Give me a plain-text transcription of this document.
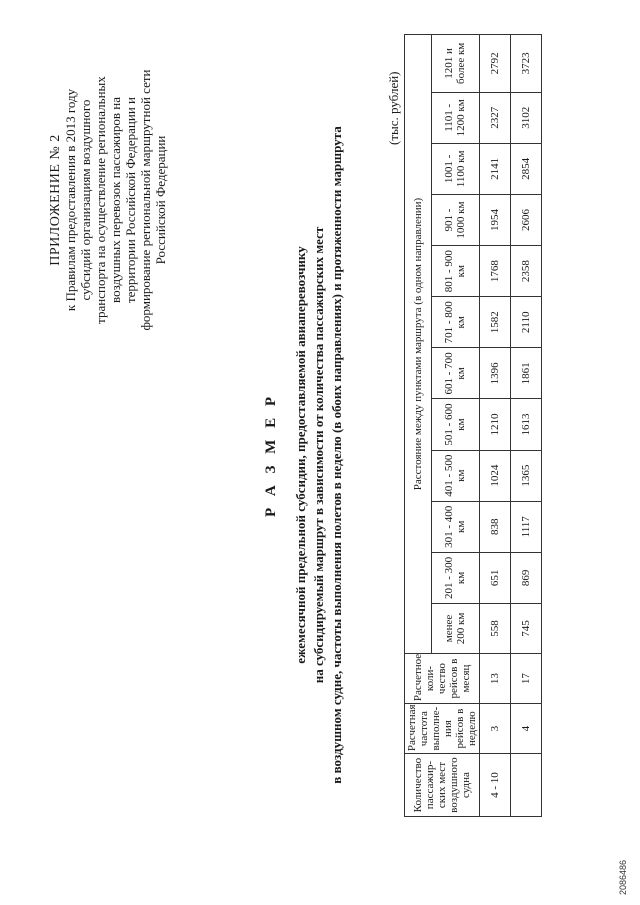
ПРИЛОЖЕНИЕ № 2 к Правилам предоставления в 2013 году субсидий организациям воздушного транспорта на осуществление региональных воздушных перевозок пассажиров на территории Российской Федерации и формирование региональной маршрутной сети Российской Федерации
Р А З М Е Р ежемесячной предельной субсидии, предоставляемой авиаперевозчику на субсидируемый маршрут в зависимости от количества пассажирских мест в воздушном судне, частоты выполнения полетов в неделю (в обоих направлениях) и протяженности маршрута
(тыс. рублей)
Количество пассажир-ских мест воздушного судна	Расчетная частота выполне-ния рейсов в неделю	Расчетное коли-чество рейсов в месяц	Расстояние между пунктами маршрута (в одном направлении)											
			менее 200 км	201 - 300 км	301 - 400 км	401 - 500 км	501 - 600 км	601 - 700 км	701 - 800 км	801 - 900 км	901 - 1000 км	1001 - 1100 км	1101 - 1200 км	1201 и более км
4 - 10	3	13	558	651	838	1024	1210	1396	1582	1768	1954	2141	2327	2792
	4	17	745	869	1117	1365	1613	1861	2110	2358	2606	2854	3102	3723
2086486
